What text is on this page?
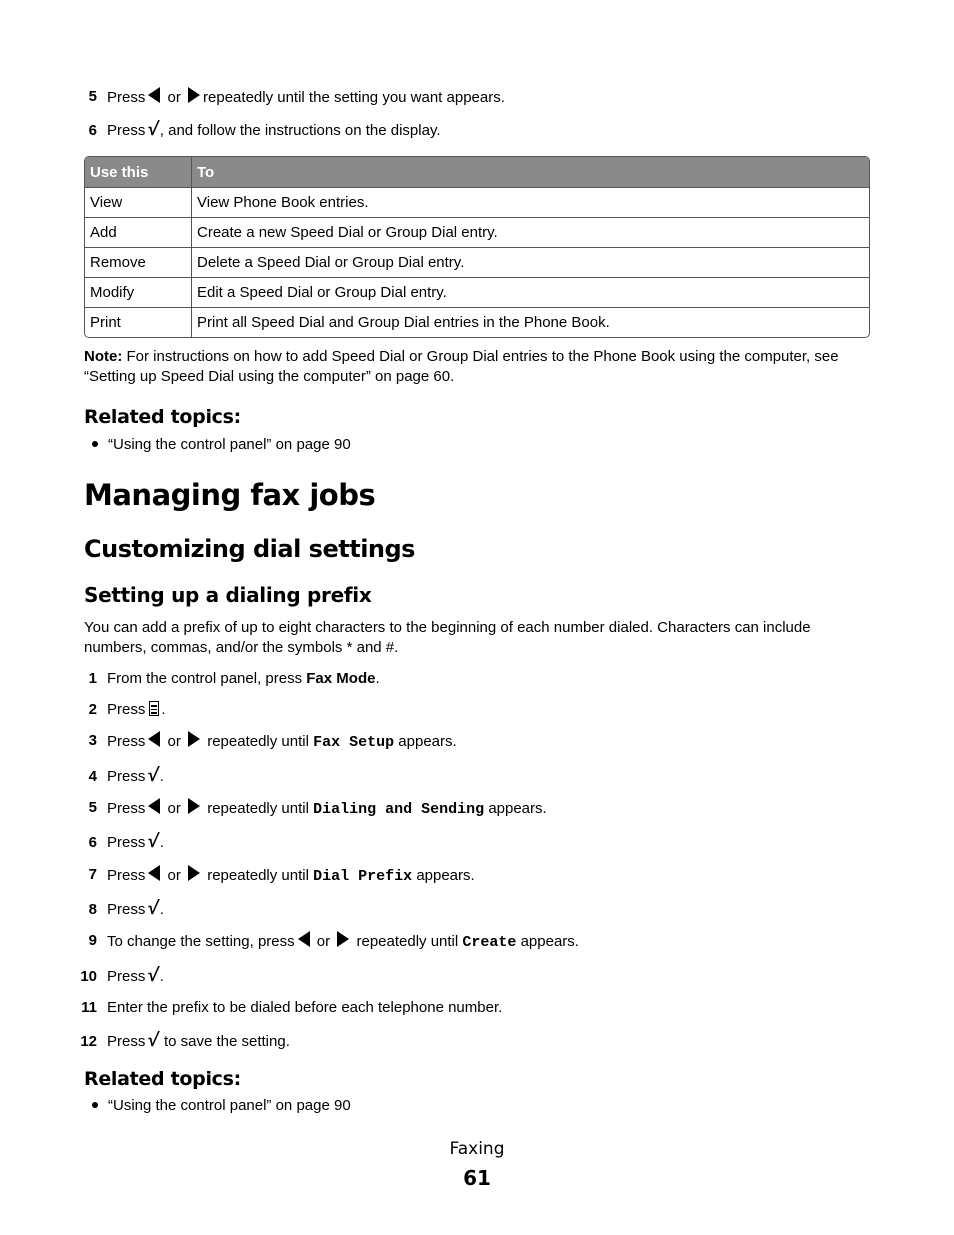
5 Press or repeatedly until the setting you want appears.
6 Press√, and follow the instructions on the display.
Use this	To
View	View Phone Book entries.
Add	Create a new Speed Dial or Group Dial entry.
Remove	Delete a Speed Dial or Group Dial entry.
Modify	Edit a Speed Dial or Group Dial entry.
Print	Print all Speed Dial and Group Dial entries in the Phone Book.
Note: For instructions on how to add Speed Dial or Group Dial entries to the Phone Book using the computer, see “Setting up Speed Dial using the computer” on page 60.
Related topics:
“Using the control panel” on page 90
Managing fax jobs
Customizing dial settings
Setting up a dialing prefix
You can add a prefix of up to eight characters to the beginning of each number dialed. Characters can include numbers, commas, and/or the symbols * and #.
1 From the control panel, press Fax Mode.
2 Press .
3 Press or  repeatedly until Fax Setup appears.
4 Press√.
5 Press or  repeatedly until Dialing and Sending appears.
6 Press√.
7 Press or  repeatedly until Dial Prefix appears.
8 Press√.
9 To change the setting, press or  repeatedly until Create appears.
10 Press√.
11 Enter the prefix to be dialed before each telephone number.
12 Press√ to save the setting.
Related topics:
“Using the control panel” on page 90
Faxing
61
